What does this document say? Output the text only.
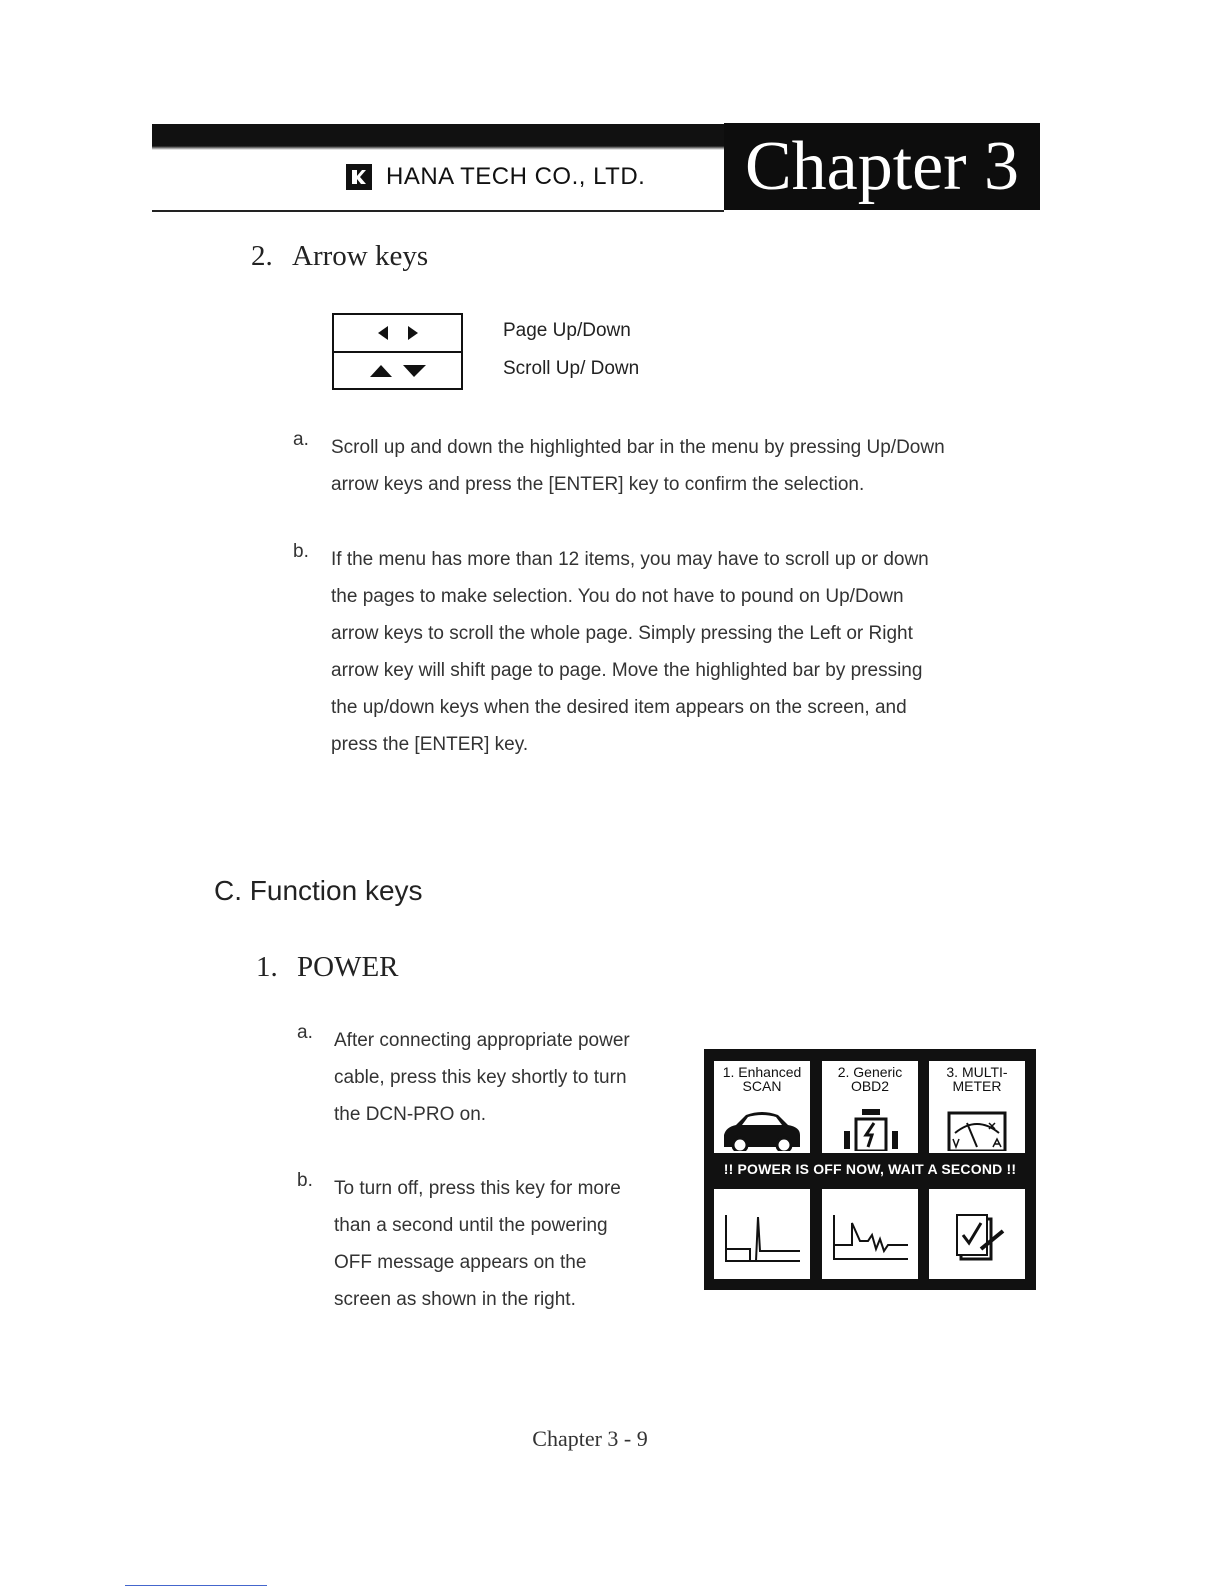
HANA TECH CO., LTD. Chapter 3
2. Arrow keys
Page Up/Down
Scroll Up/ Down
a. Scroll up and down the highlighted bar in the menu by pressing Up/Down
arrow keys and press the [ENTER] key to confirm the selection.
b. If the menu has more than 12 items, you may have to scroll up or down
the pages to make selection. You do not have to pound on Up/Down
arrow keys to scroll the whole page. Simply pressing the Left or Right
arrow key will shift page to page. Move the highlighted bar by pressing
the up/down keys when the desired item appears on the screen, and
press the [ENTER] key.
C. Function keys
1. POWER
a. After connecting appropriate power
cable, press this key shortly to turn
the DCN-PRO on.
b. To turn off, press this key for more
than a second until the powering
OFF message appears on the
screen as shown in the right.
1. Enhanced
SCAN
2. Generic
OBD2
3. MULTI-
METER
!! POWER IS OFF NOW, WAIT A SECOND !!
Chapter 3 - 9
